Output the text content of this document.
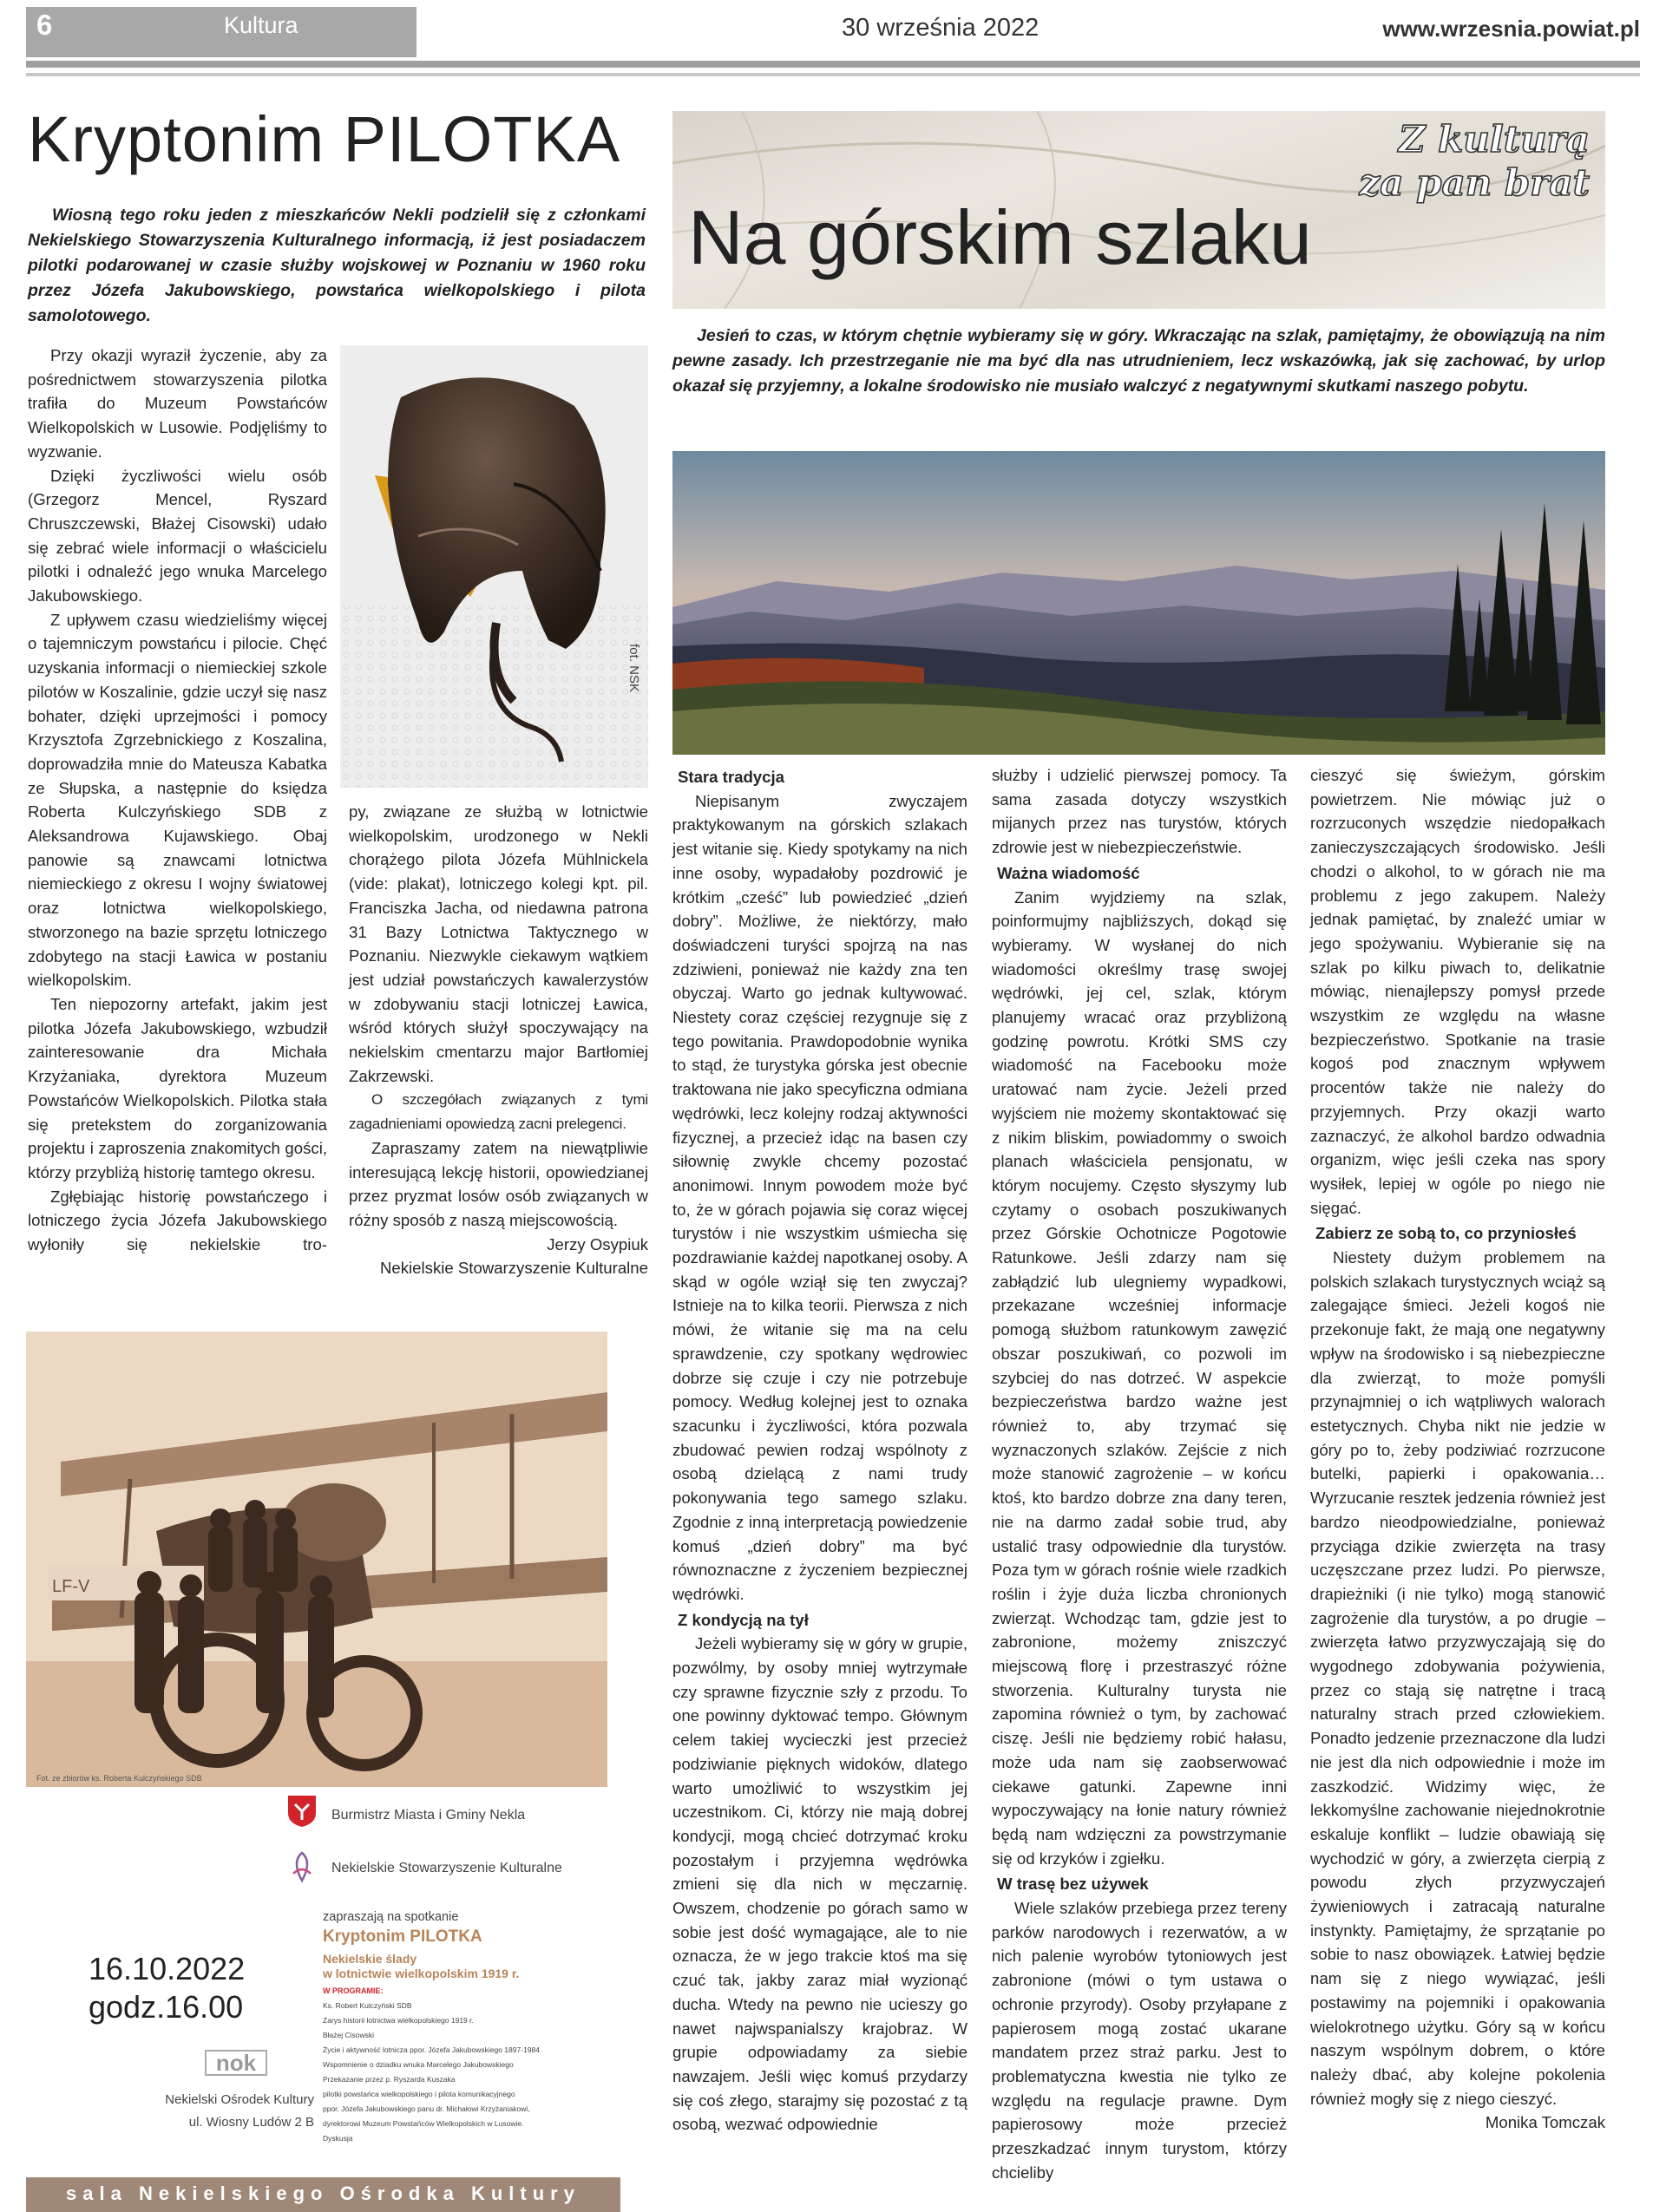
6	Kultura	30 września 2022	www.wrzesnia.powiat.pl
Kryptonim PILOTKA

Wiosną tego roku jeden z mieszkańców Nekli podzielił się z członkami Nekielskiego Stowarzyszenia Kulturalnego informacją, iż jest posiadaczem pilotki podarowanej w czasie służby wojskowej w Poznaniu w 1960 roku przez Józefa Jakubowskiego, powstańca wielkopolskiego i pilota samolotowego.

Przy okazji wyraził życzenie, aby za pośrednictwem stowarzyszenia pilotka trafiła do Muzeum Powstańców Wielkopolskich w Lusowie. Podjęliśmy to wyzwanie.

Dzięki życzliwości wielu osób (Grzegorz Mencel, Ryszard Chruszczewski, Błażej Cisowski) udało się zebrać wiele informacji o właścicielu pilotki i odnaleźć jego wnuka Marcelego Jakubowskiego.

Z upływem czasu wiedzieliśmy więcej o tajemniczym powstańcu i pilocie. Chęć uzyskania informacji o niemieckiej szkole pilotów w Koszalinie, gdzie uczył się nasz bohater, dzięki uprzejmości i pomocy Krzysztofa Zgrzebnickiego z Koszalina, doprowadziła mnie do Mateusza Kabatka ze Słupska, a następnie do księdza Roberta Kulczyńskiego SDB z Aleksandrowa Kujawskiego. Obaj panowie są znawcami lotnictwa niemieckiego z okresu I wojny światowej oraz lotnictwa wielkopolskiego, stworzonego na bazie sprzętu lotniczego zdobytego na stacji Ławica w postaniu wielkopolskim.

Ten niepozorny artefakt, jakim jest pilotka Józefa Jakubowskiego, wzbudził zainteresowanie dra Michała Krzyżaniaka, dyrektora Muzeum Powstańców Wielkopolskich. Pilotka stała się pretekstem do zorganizowania projektu i zaproszenia znakomitych gości, którzy przybliżą historię tamtego okresu.

Zgłębiając historię powstańczego i lotniczego życia Józefa Jakubowskiego wyłoniły się nekielskie tro-

fot. NSK

py, związane ze służbą w lotnictwie wielkopolskim, urodzonego w Nekli chorążego pilota Józefa Mühlnickela (vide: plakat), lotniczego kolegi kpt. pil. Franciszka Jacha, od niedawna patrona 31 Bazy Lotnictwa Taktycznego w Poznaniu. Niezwykle ciekawym wątkiem jest udział powstańczych kawalerzystów w zdobywaniu stacji lotniczej Ławica, wśród których służył spoczywający na nekielskim cmentarzu major Bartłomiej Zakrzewski.

O szczegółach związanych z tymi zagadnieniami opowiedzą zacni prelegenci.

Zapraszamy zatem na niewątpliwie interesującą lekcję historii, opowiedzianej przez pryzmat losów osób związanych w różny sposób z naszą miejscowością.

Jerzy Osypiuk

Nekielskie Stowarzyszenie Kulturalne

LF-V
Fot. ze zbiorów ks. Roberta Kulczyńskiego SDB
Burmistrz Miasta i Gminy Nekla
Nekielskie Stowarzyszenie Kulturalne
zapraszają na spotkanie
Kryptonim PILOTKA
Nekielskie ślady
w lotnictwie wielkopolskim 1919 r.
W PROGRAMIE:
Ks. Robert Kulczyński SDB
Zarys historii lotnictwa wielkopolskiego 1919 r.
Błażej Cisowski
Życie i aktywność lotnicza ppor. Józefa Jakubowskiego 1897-1984
Wspomnienie o dziadku wnuka Marcelego Jakubowskiego
Przekazanie przez p. Ryszarda Kuszaka
pilotki powstańca wielkopolskiego i pilota komunikacyjnego
ppor. Józefa Jakubowskiego panu dr. Michałowi Krzyżaniakowi,
dyrektorowi Muzeum Powstańców Wielkopolskich w Lusowie.
Dyskusja
16.10.2022
godz.16.00
nok
Nekielski Ośrodek Kultury
ul. Wiosny Ludów 2 B
sala Nekielskiego Ośrodka Kultury
Z kulturą
za pan brat
Na górskim szlaku

Jesień to czas, w którym chętnie wybieramy się w góry. Wkraczając na szlak, pamiętajmy, że obowiązują na nim pewne zasady. Ich przestrzeganie nie ma być dla nas utrudnieniem, lecz wskazówką, jak się zachować, by urlop okazał się przyjemny, a lokalne środowisko nie musiało walczyć z negatywnymi skutkami naszego pobytu.

Stara tradycja

Niepisanym zwyczajem praktykowanym na górskich szlakach jest witanie się. Kiedy spotykamy na nich inne osoby, wypadałoby pozdrowić je krótkim „cześć” lub powiedzieć „dzień dobry”. Możliwe, że niektórzy, mało doświadczeni turyści spojrzą na nas zdziwieni, ponieważ nie każdy zna ten obyczaj. Warto go jednak kultywować. Niestety coraz częściej rezygnuje się z tego powitania. Prawdopodobnie wynika to stąd, że turystyka górska jest obecnie traktowana nie jako specyficzna odmiana wędrówki, lecz kolejny rodzaj aktywności fizycznej, a przecież idąc na basen czy siłownię zwykle chcemy pozostać anonimowi. Innym powodem może być to, że w górach pojawia się coraz więcej turystów i nie wszystkim uśmiecha się pozdrawianie każdej napotkanej osoby. A skąd w ogóle wziął się ten zwyczaj? Istnieje na to kilka teorii. Pierwsza z nich mówi, że witanie się ma na celu sprawdzenie, czy spotkany wędrowiec dobrze się czuje i czy nie potrzebuje pomocy. Według kolejnej jest to oznaka szacunku i życzliwości, która pozwala zbudować pewien rodzaj wspólnoty z osobą dzielącą z nami trudy pokonywania tego samego szlaku. Zgodnie z inną interpretacją powiedzenie komuś „dzień dobry” ma być równoznaczne z życzeniem bezpiecznej wędrówki.

Z kondycją na tył

Jeżeli wybieramy się w góry w grupie, pozwólmy, by osoby mniej wytrzymałe czy sprawne fizycznie szły z przodu. To one powinny dyktować tempo. Głównym celem takiej wycieczki jest przecież podziwianie pięknych widoków, dlatego warto umożliwić to wszystkim jej uczestnikom. Ci, którzy nie mają dobrej kondycji, mogą chcieć dotrzymać kroku pozostałym i przyjemna wędrówka zmieni się dla nich w męczarnię. Owszem, chodzenie po górach samo w sobie jest dość wymagające, ale to nie oznacza, że w jego trakcie ktoś ma się czuć tak, jakby zaraz miał wyzionąć ducha. Wtedy na pewno nie ucieszy go nawet najwspanialszy krajobraz. W grupie odpowiadamy za siebie nawzajem. Jeśli więc komuś przydarzy się coś złego, starajmy się pozostać z tą osobą, wezwać odpowiednie

służby i udzielić pierwszej pomocy. Ta sama zasada dotyczy wszystkich mijanych przez nas turystów, których zdrowie jest w niebezpieczeństwie.

Ważna wiadomość

Zanim wyjdziemy na szlak, poinformujmy najbliższych, dokąd się wybieramy. W wysłanej do nich wiadomości określmy trasę swojej wędrówki, jej cel, szlak, którym planujemy wracać oraz przybliżoną godzinę powrotu. Krótki SMS czy wiadomość na Facebooku może uratować nam życie. Jeżeli przed wyjściem nie możemy skontaktować się z nikim bliskim, powiadommy o swoich planach właściciela pensjonatu, w którym nocujemy. Często słyszymy lub czytamy o osobach poszukiwanych przez Górskie Ochotnicze Pogotowie Ratunkowe. Jeśli zdarzy nam się zabłądzić lub ulegniemy wypadkowi, przekazane wcześniej informacje pomogą służbom ratunkowym zawęzić obszar poszukiwań, co pozwoli im szybciej do nas dotrzeć. W aspekcie bezpieczeństwa bardzo ważne jest również to, aby trzymać się wyznaczonych szlaków. Zejście z nich może stanowić zagrożenie – w końcu ktoś, kto bardzo dobrze zna dany teren, nie na darmo zadał sobie trud, aby ustalić trasy odpowiednie dla turystów. Poza tym w górach rośnie wiele rzadkich roślin i żyje duża liczba chronionych zwierząt. Wchodząc tam, gdzie jest to zabronione, możemy zniszczyć miejscową florę i przestraszyć różne stworzenia. Kulturalny turysta nie zapomina również o tym, by zachować ciszę. Jeśli nie będziemy robić hałasu, może uda nam się zaobserwować ciekawe gatunki. Zapewne inni wypoczywający na łonie natury również będą nam wdzięczni za powstrzymanie się od krzyków i zgiełku.

W trasę bez używek

Wiele szlaków przebiega przez tereny parków narodowych i rezerwatów, a w nich palenie wyrobów tytoniowych jest zabronione (mówi o tym ustawa o ochronie przyrody). Osoby przyłapane z papierosem mogą zostać ukarane mandatem przez straż parku. Jest to problematyczna kwestia nie tylko ze względu na regulacje prawne. Dym papierosowy może przecież przeszkadzać innym turystom, którzy chcieliby

cieszyć się świeżym, górskim powietrzem. Nie mówiąc już o rozrzuconych wszędzie niedopałkach zanieczyszczających środowisko. Jeśli chodzi o alkohol, to w górach nie ma problemu z jego zakupem. Należy jednak pamiętać, by znaleźć umiar w jego spożywaniu. Wybieranie się na szlak po kilku piwach to, delikatnie mówiąc, nienajlepszy pomysł przede wszystkim ze względu na własne bezpieczeństwo. Spotkanie na trasie kogoś pod znacznym wpływem procentów także nie należy do przyjemnych. Przy okazji warto zaznaczyć, że alkohol bardzo odwadnia organizm, więc jeśli czeka nas spory wysiłek, lepiej w ogóle po niego nie sięgać.

Zabierz ze sobą to, co przyniosłeś

Niestety dużym problemem na polskich szlakach turystycznych wciąż są zalegające śmieci. Jeżeli kogoś nie przekonuje fakt, że mają one negatywny wpływ na środowisko i są niebezpieczne dla zwierząt, to może pomyśli przynajmniej o ich wątpliwych walorach estetycznych. Chyba nikt nie jedzie w góry po to, żeby podziwiać rozrzucone butelki, papierki i opakowania… Wyrzucanie resztek jedzenia również jest bardzo nieodpowiedzialne, ponieważ przyciąga dzikie zwierzęta na trasy uczęszczane przez ludzi. Po pierwsze, drapieżniki (i nie tylko) mogą stanowić zagrożenie dla turystów, a po drugie – zwierzęta łatwo przyzwyczajają się do wygodnego zdobywania pożywienia, przez co stają się natrętne i tracą naturalny strach przed człowiekiem. Ponadto jedzenie przeznaczone dla ludzi nie jest dla nich odpowiednie i może im zaszkodzić. Widzimy więc, że lekkomyślne zachowanie niejednokrotnie eskaluje konflikt – ludzie obawiają się wychodzić w góry, a zwierzęta cierpią z powodu złych przyzwyczajeń żywieniowych i zatracają naturalne instynkty. Pamiętajmy, że sprzątanie po sobie to nasz obowiązek. Łatwiej będzie nam się z niego wywiązać, jeśli postawimy na pojemniki i opakowania wielokrotnego użytku. Góry są w końcu naszym wspólnym dobrem, o które należy dbać, aby kolejne pokolenia również mogły się z niego cieszyć.

Monika Tomczak
